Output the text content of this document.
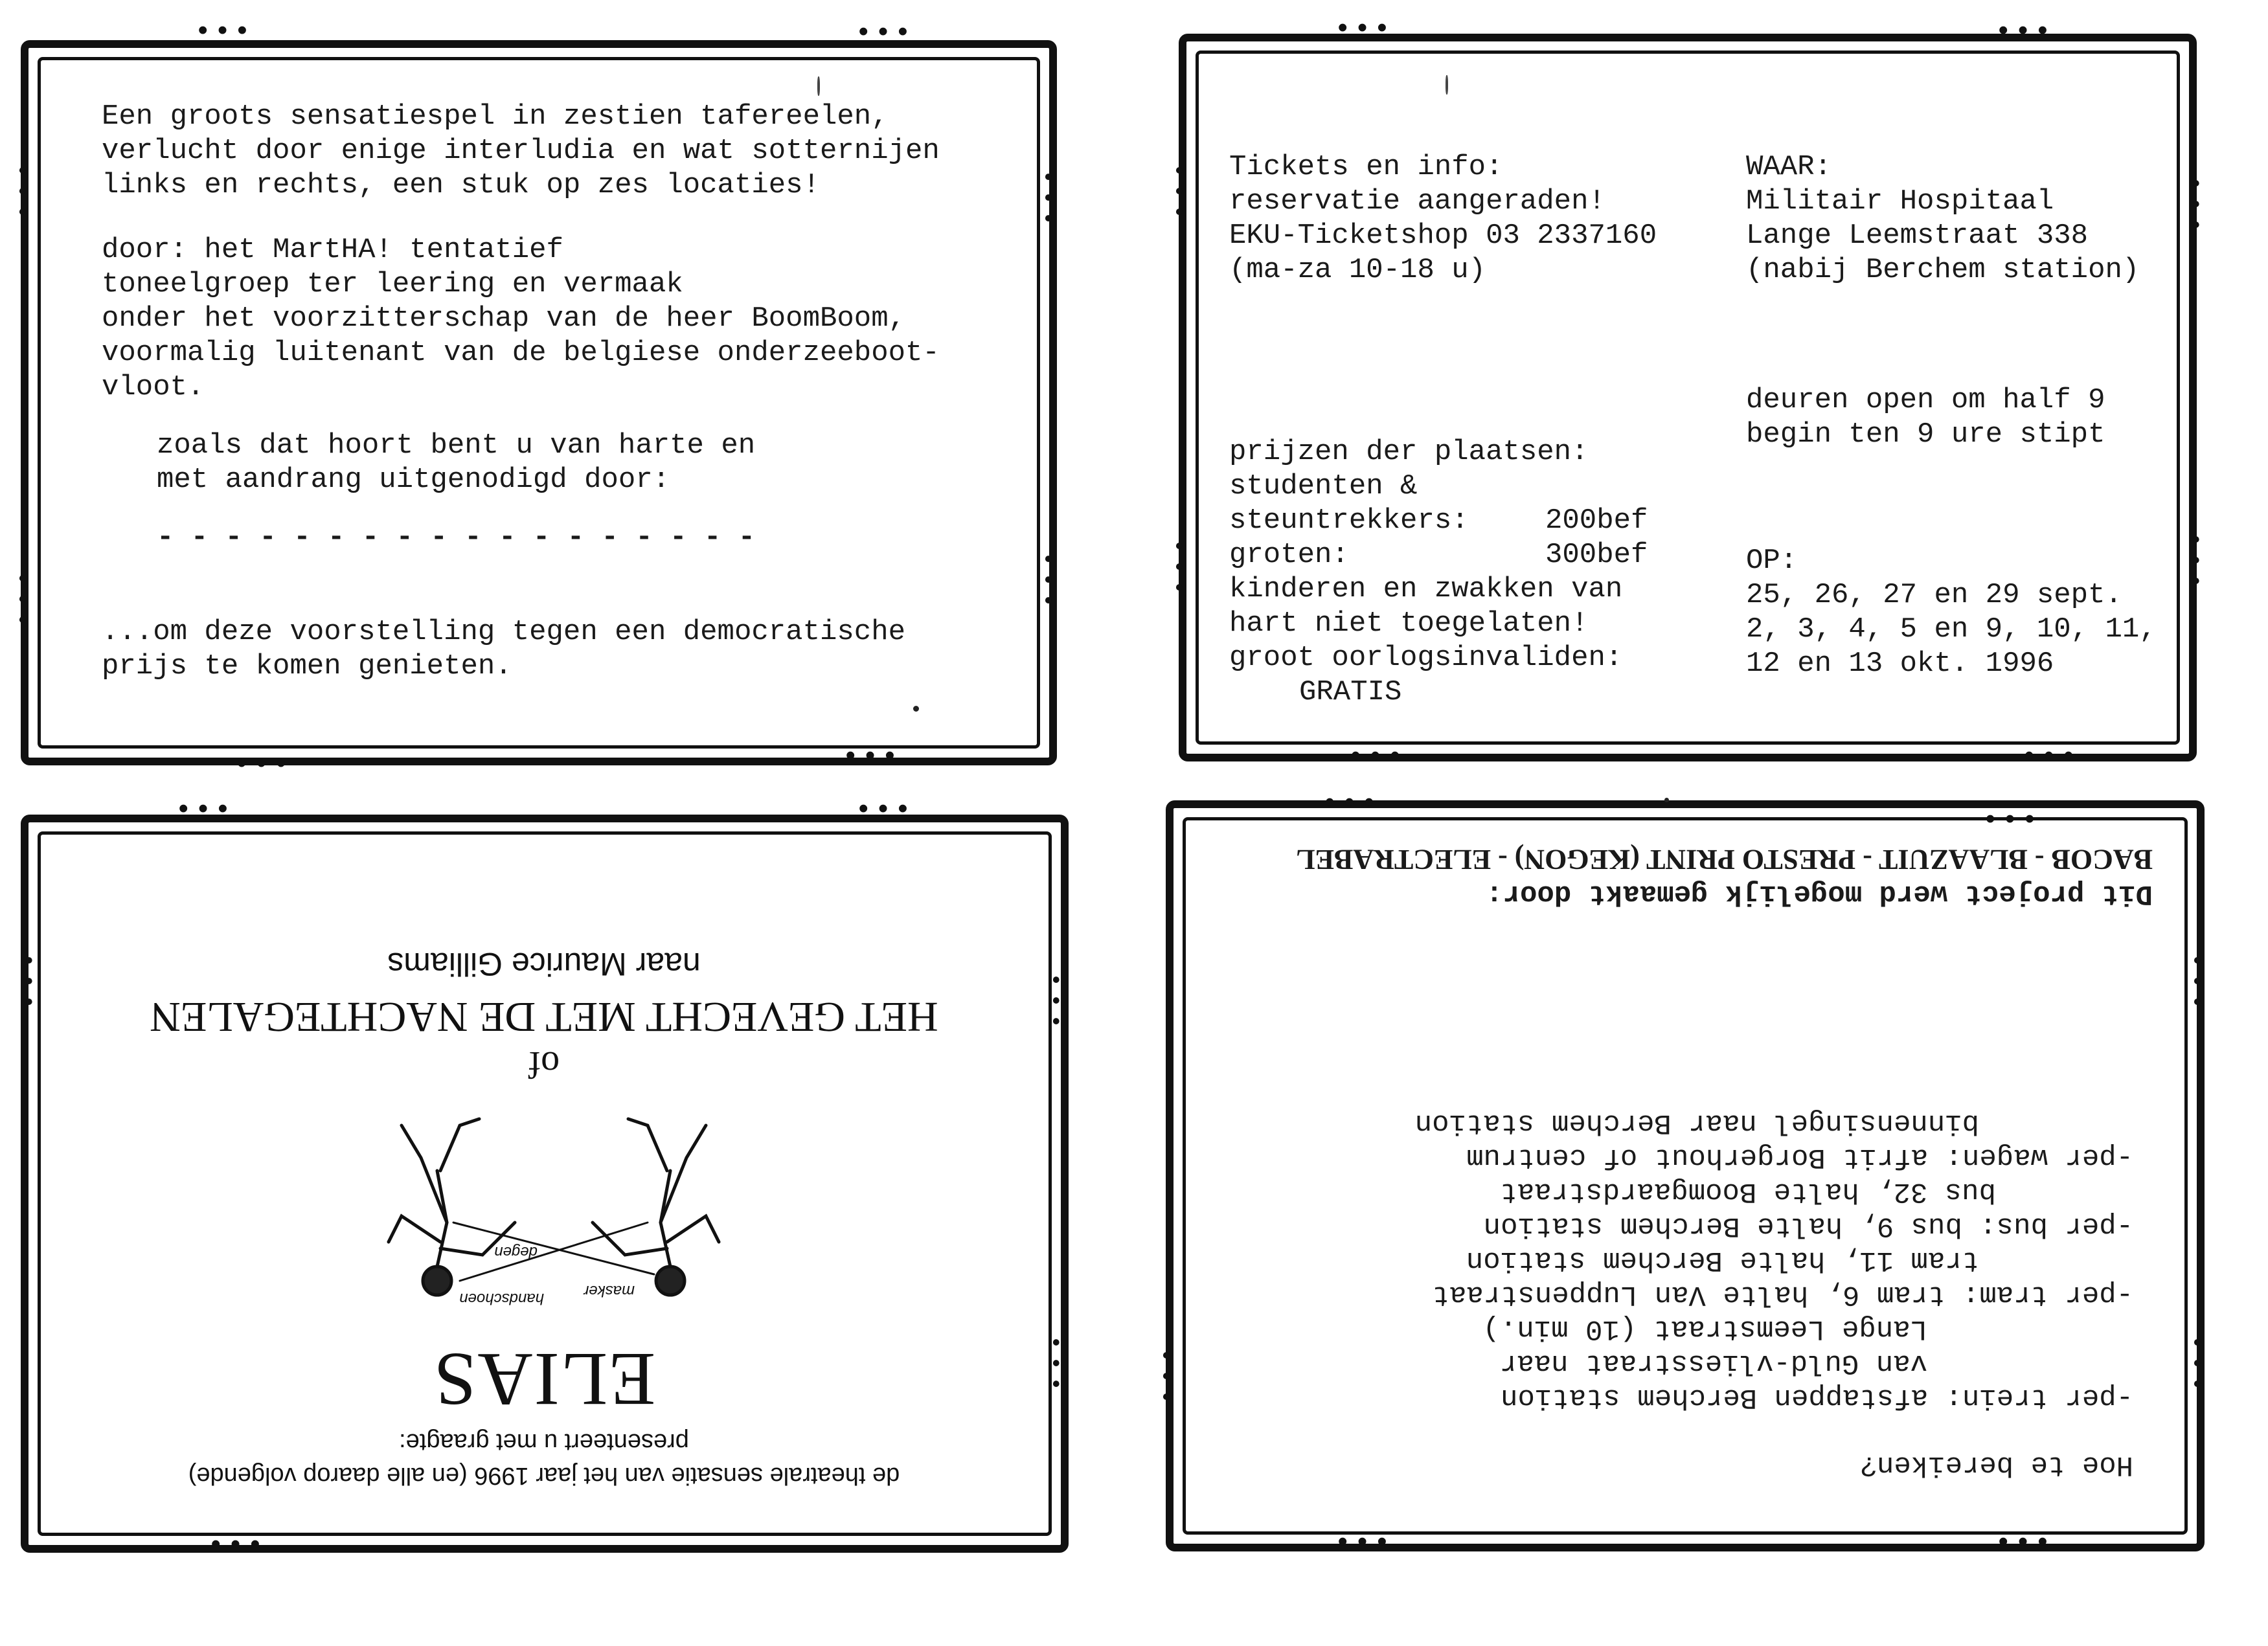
Een groots sensatiespel in zestien tafereelen,
verlucht door enige interludia en wat sotternijen
links en rechts, een stuk op zes locaties!
door: het MartHA! tentatief
toneelgroep ter leering en vermaak
onder het voorzitterschap van de heer BoomBoom,
voormalig luitenant van de belgiese onderzeeboot-
vloot.
zoals dat hoort bent u van harte en
met aandrang uitgenodigd door:
- - - - - - - - - - - - - - - - - -
...om deze voorstelling tegen een democratische
prijs te komen genieten.
Tickets en info:
reservatie aangeraden!
EKU-Ticketshop 03 2337160
(ma-za 10-18 u)
WAAR:
Militair Hospitaal
Lange Leemstraat 338
(nabij Berchem station)
deuren open om half 9
begin ten 9 ure stipt
prijzen der plaatsen:
studenten &
steuntrekkers:	200bef
groten:	300bef
kinderen en zwakken van
hart niet toegelaten!
groot oorlogsinvaliden:
GRATIS
OP:
25, 26, 27 en 29 sept.
2, 3, 4, 5 en 9, 10, 11,
12 en 13 okt. 1996
de theatrale sensatie van het jaar 1996 (en alle daarop volgende)
presenteert u met graagte:
ELIAS
masker
handschoen
degen
of
HET GEVECHT MET DE NACHTEGALEN
naar Maurice Gilliams
Hoe te bereiken?
-per trein: afstappen Berchem station
van Guld-vliesstraat naar
Lange Leemstraat (10 min.)
-per tram: tram 6, halte Van Luppenstraat
tram 11, halte Berchem station
-per bus: bus 9, halte Berchem station
bus 32, halte Boomgaardstraat
-per wagen: afrit Borgerhout of centrum
binnensingel naar Berchem station
Dit project werd mogelijk gemaakt door:
BACOB - BLAAZUIT - PRESTO PRINT (KEGON) - ELECTRABEL
•••	•••	•••	•••
•••	•••	•••	•••
•••	•••	•••
•••
•••	•••	•••
•
•
•
•
•
•
•
•
•
•
•
•
•
•
•
•
•
•
•
•
•
•
•
•
•
•
•
•
•
•
•
•
•
•
•
•
•
•
•
•
•
•
